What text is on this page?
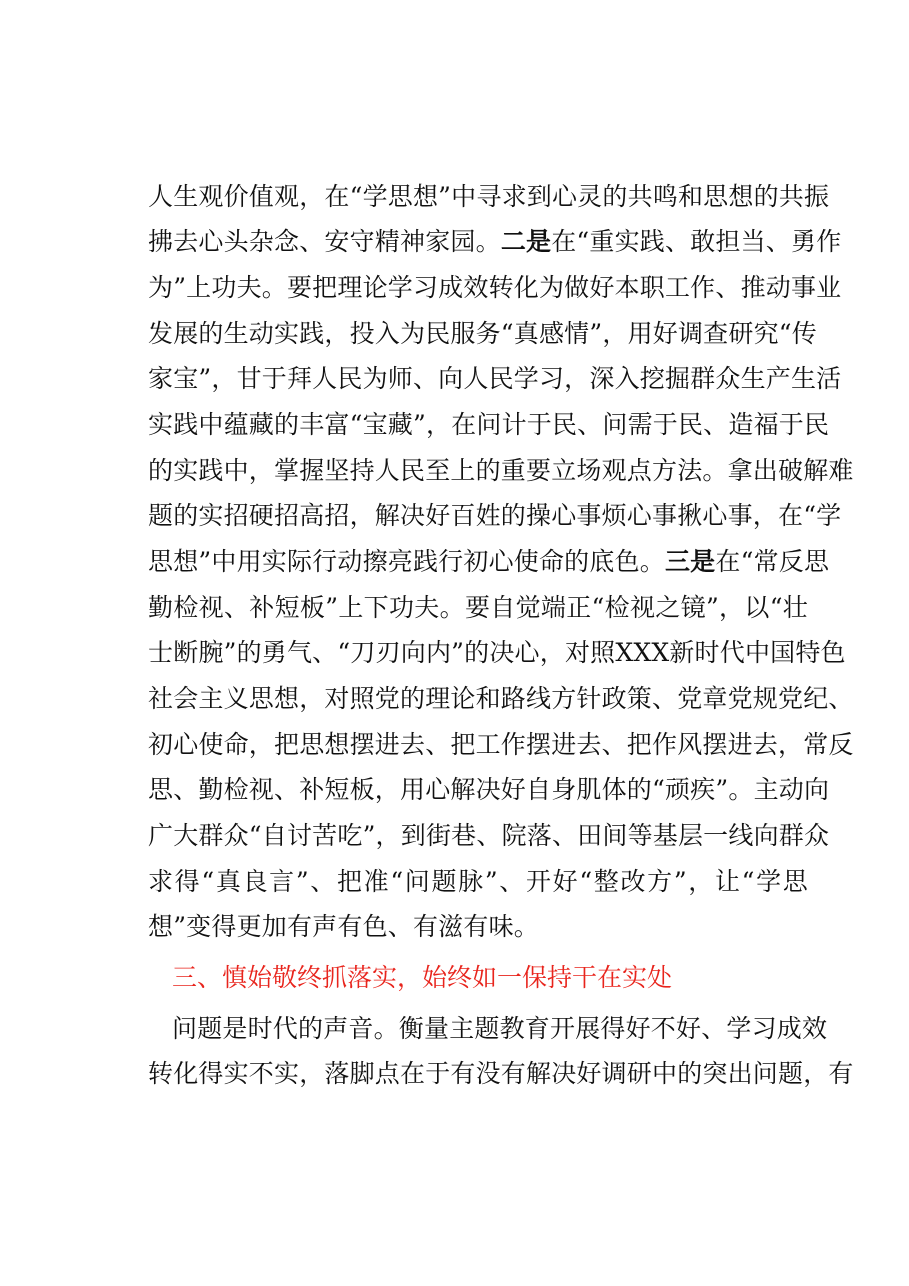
人生观价值观，在“学思想”中寻求到心灵的共鸣和思想的共振
拂去心头杂念、安守精神家园。二是在“重实践、敢担当、勇作
为”上功夫。要把理论学习成效转化为做好本职工作、推动事业
发展的生动实践，投入为民服务“真感情”，用好调查研究“传
家宝”，甘于拜人民为师、向人民学习，深入挖掘群众生产生活
实践中蕴藏的丰富“宝藏”，在问计于民、问需于民、造福于民
的实践中，掌握坚持人民至上的重要立场观点方法。拿出破解难
题的实招硬招高招，解决好百姓的操心事烦心事揪心事，在“学
思想”中用实际行动擦亮践行初心使命的底色。三是在“常反思
勤检视、补短板”上下功夫。要自觉端正“检视之镜”，以“壮
士断腕”的勇气、“刀刃向内”的决心，对照XXX新时代中国特色
社会主义思想，对照党的理论和路线方针政策、党章党规党纪、
初心使命，把思想摆进去、把工作摆进去、把作风摆进去，常反
思、勤检视、补短板，用心解决好自身肌体的“顽疾”。主动向
广大群众“自讨苦吃”，到街巷、院落、田间等基层一线向群众
求得“真良言”、把准“问题脉”、开好“整改方”，让“学思
想”变得更加有声有色、有滋有味。
三、慎始敬终抓落实，始终如一保持干在实处
问题是时代的声音。衡量主题教育开展得好不好、学习成效
转化得实不实，落脚点在于有没有解决好调研中的突出问题，有
